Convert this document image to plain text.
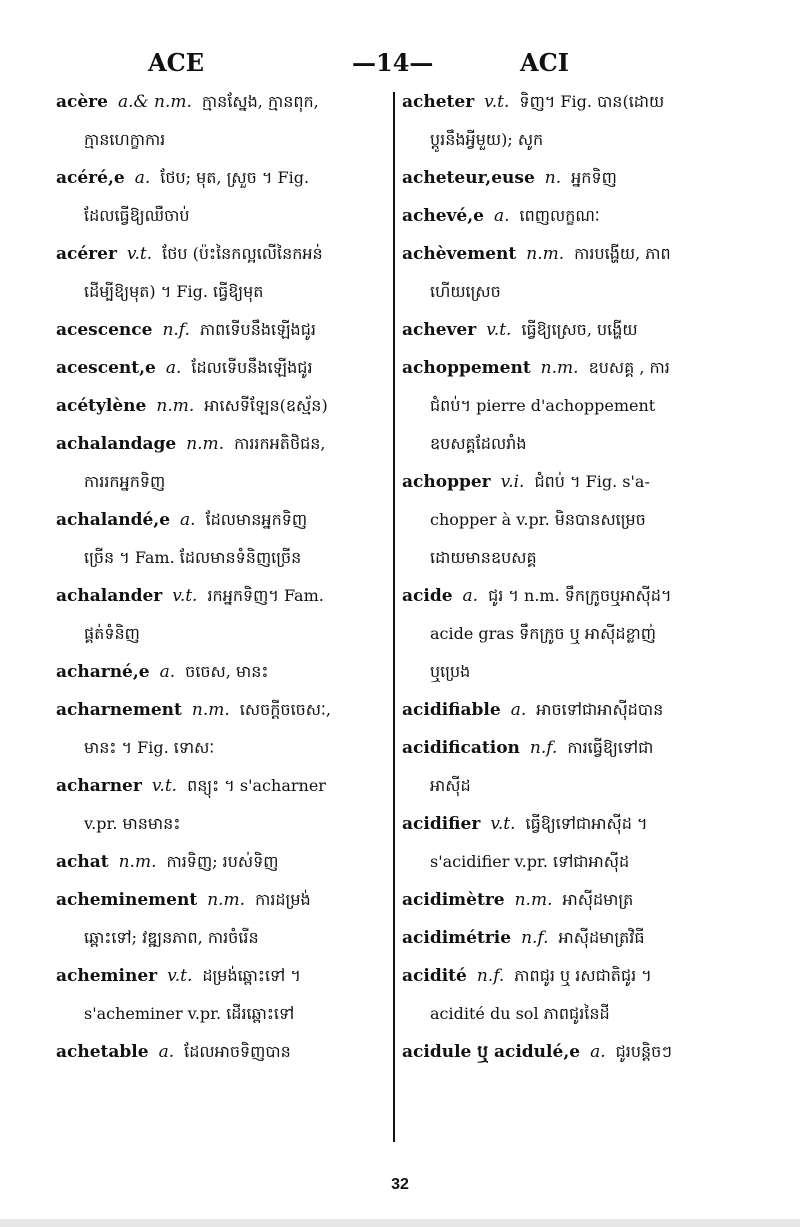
ACE	—14—	ACI
acère a.& n.m. ក្មានស្នែង, ក្មានពុក,
ក្មានហេក្ខាការ
acéré,e a. ថែប; មុត, ស្រួច ។ Fig.
ដែលធ្វើឱ្យឈឺចាប់
acérer v.t. ថែប (ប៉ះនៃកល្អលើនៃកអន់
ដើម្បីឱ្យមុត) ។ Fig. ធ្វើឱ្យមុត
acescence n.f. ភាពទើបនឹងឡើងជូរ
acescent,e a. ដែលទើបនឹងឡើងជូរ
acétylène n.m. អាសេទីឡែន(ឧស្ម័ន)
achalandage n.m. ការរកអតិថិជន,
ការរកអ្នកទិញ
achalandé,e a. ដែលមានអ្នកទិញ
ច្រើន ។ Fam. ដែលមានទំនិញច្រើន
achalander v.t. រកអ្នកទិញ។ Fam.
ផ្គត់ទំនិញ
acharné,e a. ចចេស, មានះ
acharnement n.m. សេចក្តីចចេសៈ,
មានះ ។ Fig. ទោសៈ
acharner v.t. ពន្យុះ ។ s'acharner
v.pr. មានមានះ
achat n.m. ការទិញ; របស់ទិញ
acheminement n.m. ការដម្រង់
ឆ្ពោះទៅ; វឌ្ឍនភាព, ការចំរើន
acheminer v.t. ដម្រង់ឆ្ពោះទៅ ។
s'acheminer v.pr. ដើរឆ្ពោះទៅ
achetable a. ដែលអាចទិញបាន
acheter v.t. ទិញ។ Fig. បាន(ដោយ
ប្តូរនឹងអ្វីមួយ); សូក
acheteur,euse n. អ្នកទិញ
achevé,e a. ពេញលក្ខណៈ
achèvement n.m. ការបង្ហើយ, ភាព
ហើយស្រេច
achever v.t. ធ្វើឱ្យស្រេច, បង្ហើយ
achoppement n.m. ឧបសគ្គ , ការ
ជំពប់។ pierre d'achoppement
ឧបសគ្គដែលរាំង
achopper v.i. ជំពប់ ។ Fig. s'a-
chopper à v.pr. មិនបានសម្រេច
ដោយមានឧបសគ្គ
acide a. ជូរ ។ n.m. ទឹកក្រូចឬអាស៊ីដ។
acide gras ទឹកក្រូច ឬ អាស៊ីដខ្លាញ់
ឬប្រេង
acidifiable a. អាចទៅជាអាស៊ីដបាន
acidification n.f. ការធ្វើឱ្យទៅជា
អាស៊ីដ
acidifier v.t. ធ្វើឱ្យទៅជាអាស៊ីដ ។
s'acidifier v.pr. ទៅជាអាស៊ីដ
acidimètre n.m. អាស៊ីដមាត្រ
acidimétrie n.f. អាស៊ីដមាត្រវិធី
acidité n.f. ភាពជូរ ឬ រសជាតិជូរ ។
acidité du sol ភាពជូរនៃដី
acidule ឬ acidulé,e a. ជូរបន្តិចៗ
32
